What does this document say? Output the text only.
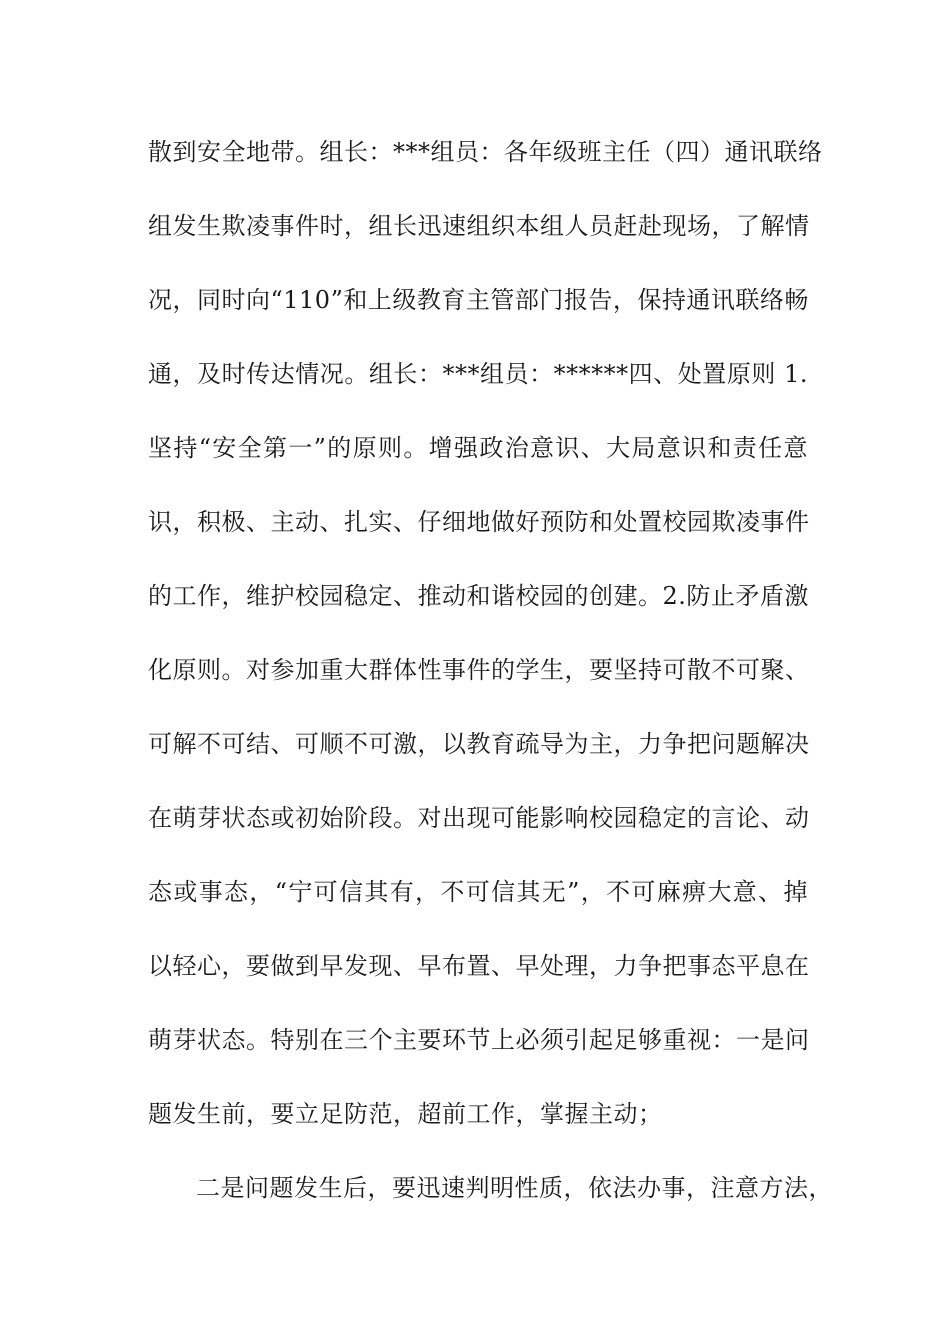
散到安全地带。组长：***组员：各年级班主任（四）通讯联络
组发生欺凌事件时，组长迅速组织本组人员赶赴现场，了解情
况，同时向“110”和上级教育主管部门报告，保持通讯联络畅
通，及时传达情况。组长：***组员：******四、处置原则 1.
坚持“安全第一”的原则。增强政治意识、大局意识和责任意
识，积极、主动、扎实、仔细地做好预防和处置校园欺凌事件
的工作，维护校园稳定、推动和谐校园的创建。2.防止矛盾激
化原则。对参加重大群体性事件的学生，要坚持可散不可聚、
可解不可结、可顺不可激，以教育疏导为主，力争把问题解决
在萌芽状态或初始阶段。对出现可能影响校园稳定的言论、动
态或事态，“宁可信其有，不可信其无”，不可麻痹大意、掉
以轻心，要做到早发现、早布置、早处理，力争把事态平息在
萌芽状态。特别在三个主要环节上必须引起足够重视：一是问
题发生前，要立足防范，超前工作，掌握主动；
二是问题发生后，要迅速判明性质，依法办事，注意方法，
